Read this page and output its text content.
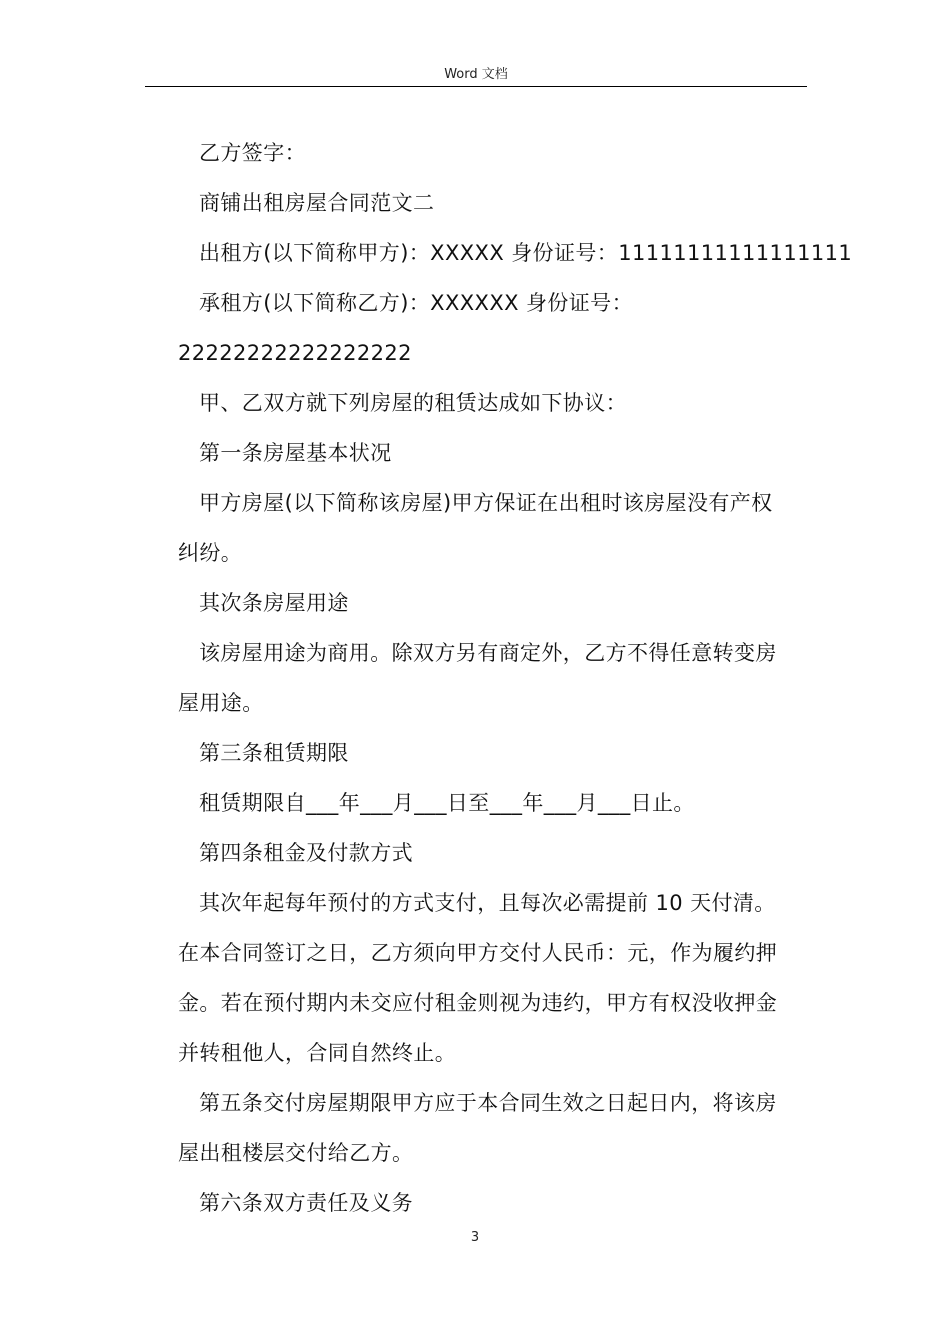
Word 文档
乙方签字：
商铺出租房屋合同范文二
出租方(以下简称甲方)：XXXXX 身份证号：11111111111111111
承租方(以下简称乙方)：XXXXXX 身份证号：
22222222222222222
甲、乙双方就下列房屋的租赁达成如下协议：
第一条房屋基本状况
甲方房屋(以下简称该房屋)甲方保证在出租时该房屋没有产权
纠纷。
其次条房屋用途
该房屋用途为商用。除双方另有商定外，乙方不得任意转变房
屋用途。
第三条租赁期限
租赁期限自___年___月___日至___年___月___日止。
第四条租金及付款方式
其次年起每年预付的方式支付，且每次必需提前 10 天付清。
在本合同签订之日，乙方须向甲方交付人民币：元，作为履约押
金。若在预付期内未交应付租金则视为违约，甲方有权没收押金
并转租他人，合同自然终止。
第五条交付房屋期限甲方应于本合同生效之日起日内，将该房
屋出租楼层交付给乙方。
第六条双方责任及义务
3
